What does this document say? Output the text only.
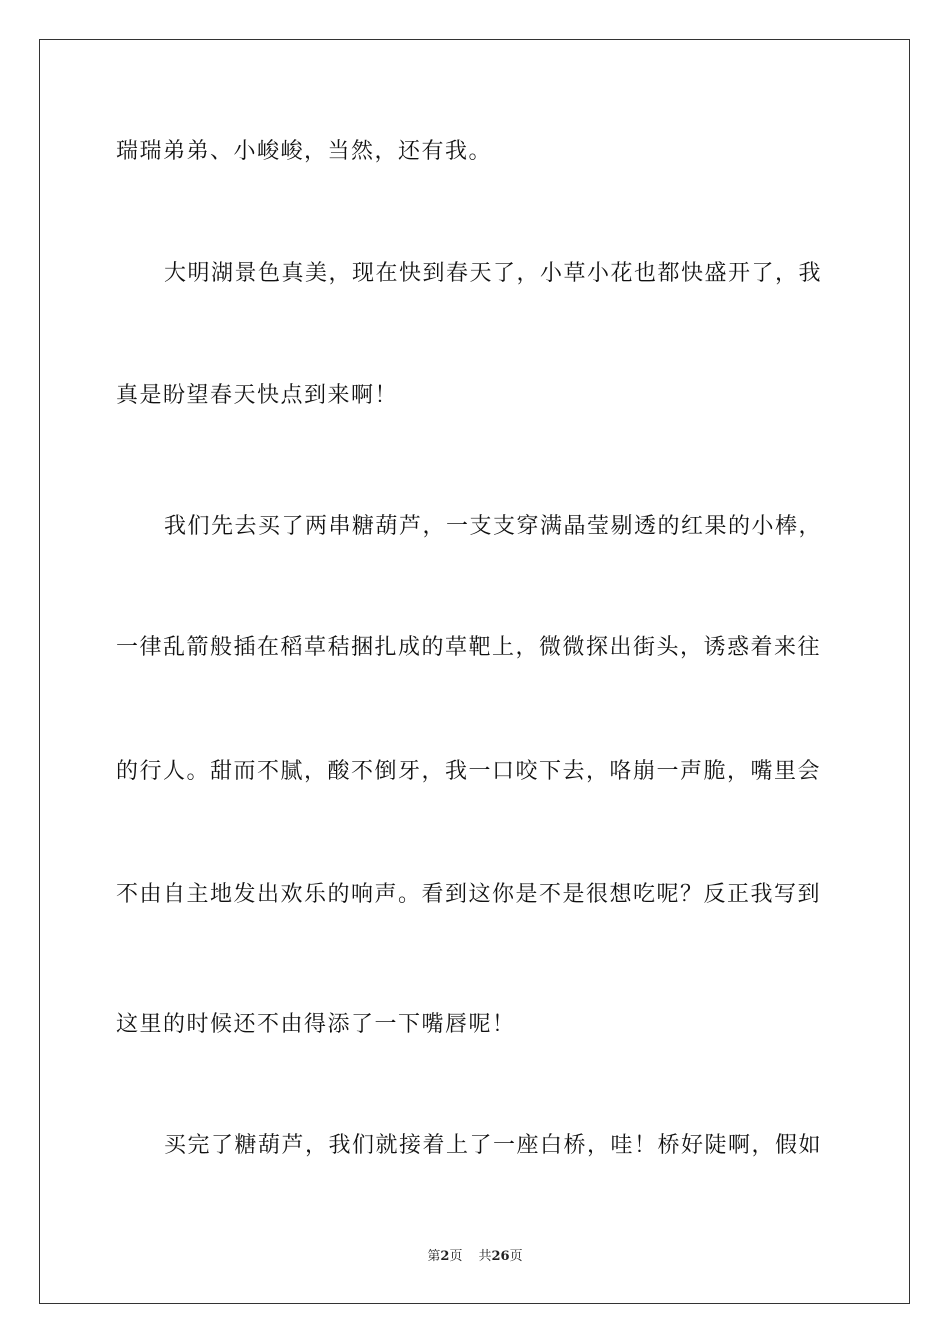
瑞瑞弟弟、小峻峻，当然，还有我。
大明湖景色真美，现在快到春天了，小草小花也都快盛开了，我
真是盼望春天快点到来啊！
我们先去买了两串糖葫芦，一支支穿满晶莹剔透的红果的小棒，
一律乱箭般插在稻草秸捆扎成的草靶上，微微探出街头，诱惑着来往
的行人。甜而不腻，酸不倒牙，我一口咬下去，咯崩一声脆，嘴里会
不由自主地发出欢乐的响声。看到这你是不是很想吃呢？反正我写到
这里的时候还不由得添了一下嘴唇呢！
买完了糖葫芦，我们就接着上了一座白桥，哇！桥好陡啊，假如
第2页 共26页
